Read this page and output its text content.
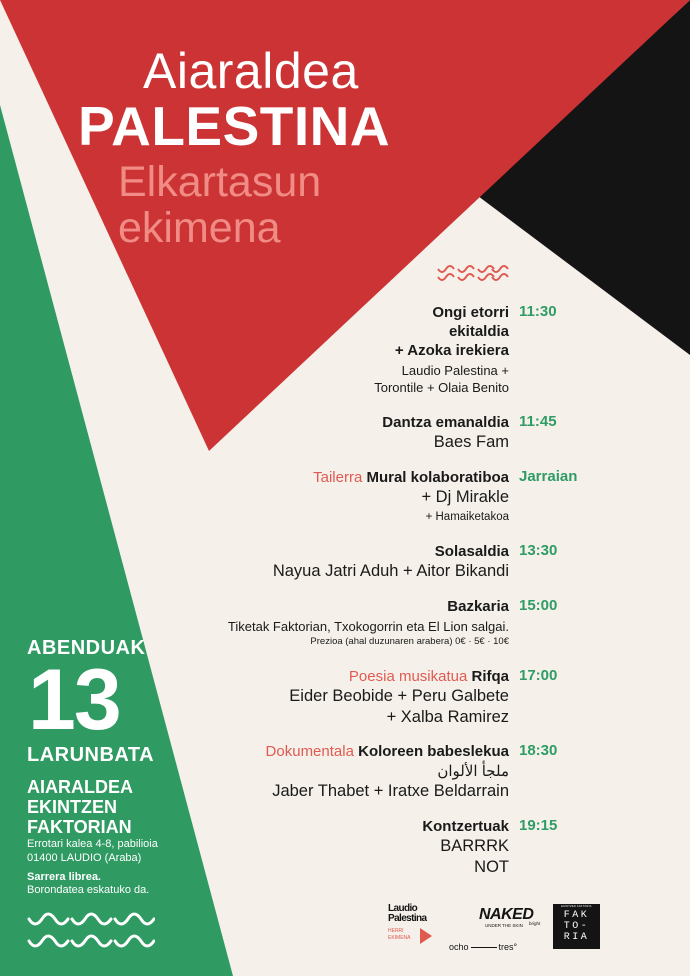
Aiaraldea
PALESTINA
Elkartasun
ekimena
Ongi etorri
ekitaldia
+ Azoka irekiera
Laudio Palestina +
Torontile + Olaia Benito
11:30
Dantza emanaldia
Baes Fam
11:45
Tailerra Mural kolaboratiboa
+ Dj Mirakle
+ Hamaiketakoa
Jarraian
Solasaldia
Nayua Jatri Aduh + Aitor Bikandi
13:30
Bazkaria
Tiketak Faktorian, Txokogorrin eta El Lion salgai.
Prezioa (ahal duzunaren arabera) 0€ · 5€ · 10€
15:00
Poesia musikatua Rifqa
Eider Beobide + Peru Galbete
+ Xalba Ramirez
17:00
Dokumentala Koloreen babeslekua
ملجأ الألوان
Jaber Thabet + Iratxe Beldarrain
18:30
Kontzertuak
BARRRK
NOT
19:15
ABENDUAK
13
LARUNBATA
AIARALDEA
EKINTZEN
FAKTORIAN
Errotari kalea 4-8, pabilioia
01400 LAUDIO (Araba)
Sarrera librea.
Borondatea eskatuko da.
Laudio
Palestina
HERRI
EKIMENA
NAKED
UNDER THE SKIN	bright
ocho	tres°
EKINTZEN FAKTORIA
FAK
TO-
RIA
